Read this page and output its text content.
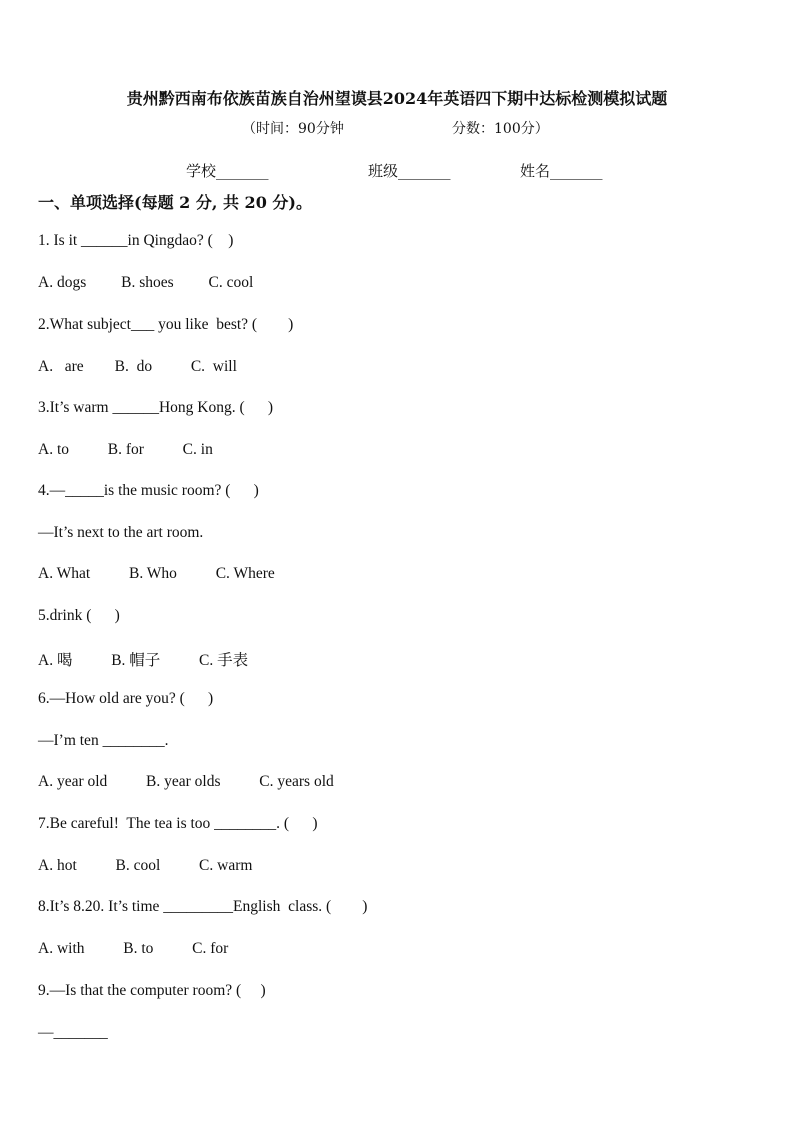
贵州黔西南布依族苗族自治州望谟县2024年英语四下期中达标检测模拟试题
（时间：90分钟	分数：100分）
学校_______	班级_______	姓名_______
一、单项选择(每题 2 分, 共 20 分)。
1. Is it ______in Qingdao? (    )
A. dogs B. shoes C. cool
2.What subject___ you like  best? (        )
A.   are B.  do	C.  will
3.It’s warm ______Hong Kong. (      )
A. to	B. for	C. in
4.—_____is the music room? (      )
—It’s next to the art room.
A. What	B. Who	C. Where
5.drink (      )
A. 喝	B. 帽子	C. 手表
6.—How old are you? (      )
—I’m ten ________.
A. year old	B. year olds	C. years old
7.Be careful!  The tea is too ________. (      )
A. hot	B. cool	C. warm
8.It’s 8.20. It’s time _________English  class. (        )
A. with	B. to	C. for
9.—Is that the computer room? (     )
—_______
